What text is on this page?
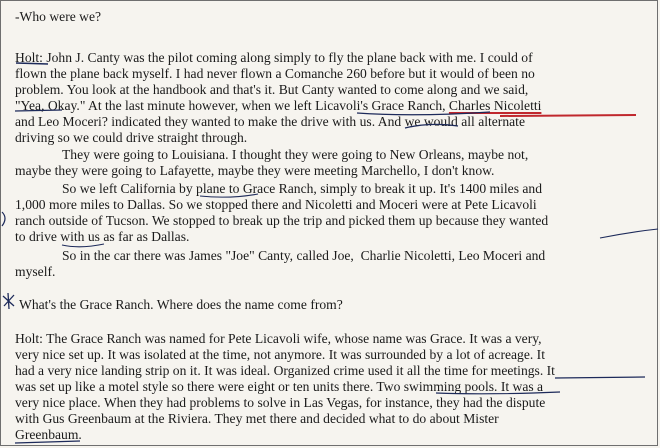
-Who were we?
Holt: John J. Canty was the pilot coming along simply to fly the plane back with me. I could of
flown the plane back myself. I had never flown a Comanche 260 before but it would of been no
problem. You look at the handbook and that's it. But Canty wanted to come along and we said,
"Yea, Okay." At the last minute however, when we left Licavoli's Grace Ranch, Charles Nicoletti
and Leo Moceri? indicated they wanted to make the drive with us. And we would all alternate
driving so we could drive straight through.
They were going to Louisiana. I thought they were going to New Orleans, maybe not,
maybe they were going to Lafayette, maybe they were meeting Marchello, I don't know.
So we left California by plane to Grace Ranch, simply to break it up. It's 1400 miles and
1,000 more miles to Dallas. So we stopped there and Nicoletti and Moceri were at Pete Licavoli
ranch outside of Tucson. We stopped to break up the trip and picked them up because they wanted
to drive with us as far as Dallas.
So in the car there was James "Joe" Canty, called Joe,  Charlie Nicoletti, Leo Moceri and
myself.
What's the Grace Ranch. Where does the name come from?
Holt: The Grace Ranch was named for Pete Licavoli wife, whose name was Grace. It was a very,
very nice set up. It was isolated at the time, not anymore. It was surrounded by a lot of acreage. It
had a very nice landing strip on it. It was ideal. Organized crime used it all the time for meetings. It
was set up like a motel style so there were eight or ten units there. Two swimming pools. It was a
very nice place. When they had problems to solve in Las Vegas, for instance, they had the dispute
with Gus Greenbaum at the Riviera. They met there and decided what to do about Mister
Greenbaum.
